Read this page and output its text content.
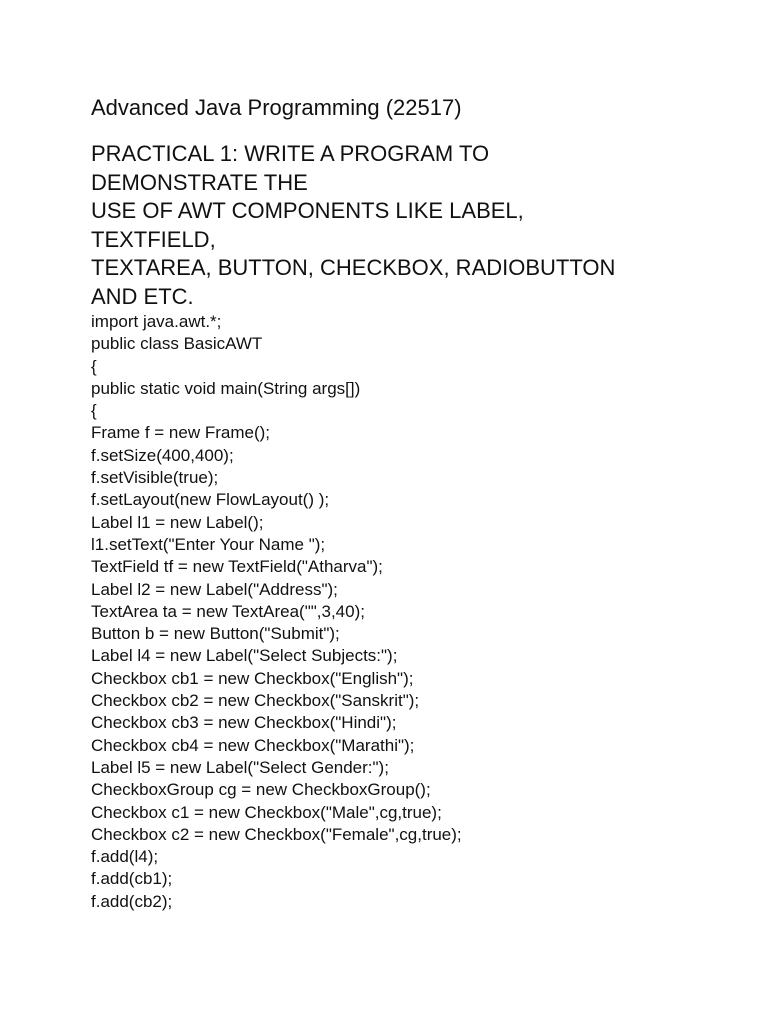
Advanced Java Programming (22517)
PRACTICAL 1: WRITE A PROGRAM TO
DEMONSTRATE THE
USE OF AWT COMPONENTS LIKE LABEL,
TEXTFIELD,
TEXTAREA, BUTTON, CHECKBOX, RADIOBUTTON
AND ETC.
import java.awt.*;
public class BasicAWT
{
public static void main(String args[])
{
Frame f = new Frame();
f.setSize(400,400);
f.setVisible(true);
f.setLayout(new FlowLayout() );
Label l1 = new Label();
l1.setText("Enter Your Name ");
TextField tf = new TextField("Atharva");
Label l2 = new Label("Address");
TextArea ta = new TextArea("",3,40);
Button b = new Button("Submit");
Label l4 = new Label("Select Subjects:");
Checkbox cb1 = new Checkbox("English");
Checkbox cb2 = new Checkbox("Sanskrit");
Checkbox cb3 = new Checkbox("Hindi");
Checkbox cb4 = new Checkbox("Marathi");
Label l5 = new Label("Select Gender:");
CheckboxGroup cg = new CheckboxGroup();
Checkbox c1 = new Checkbox("Male",cg,true);
Checkbox c2 = new Checkbox("Female",cg,true);
f.add(l4);
f.add(cb1);
f.add(cb2);
